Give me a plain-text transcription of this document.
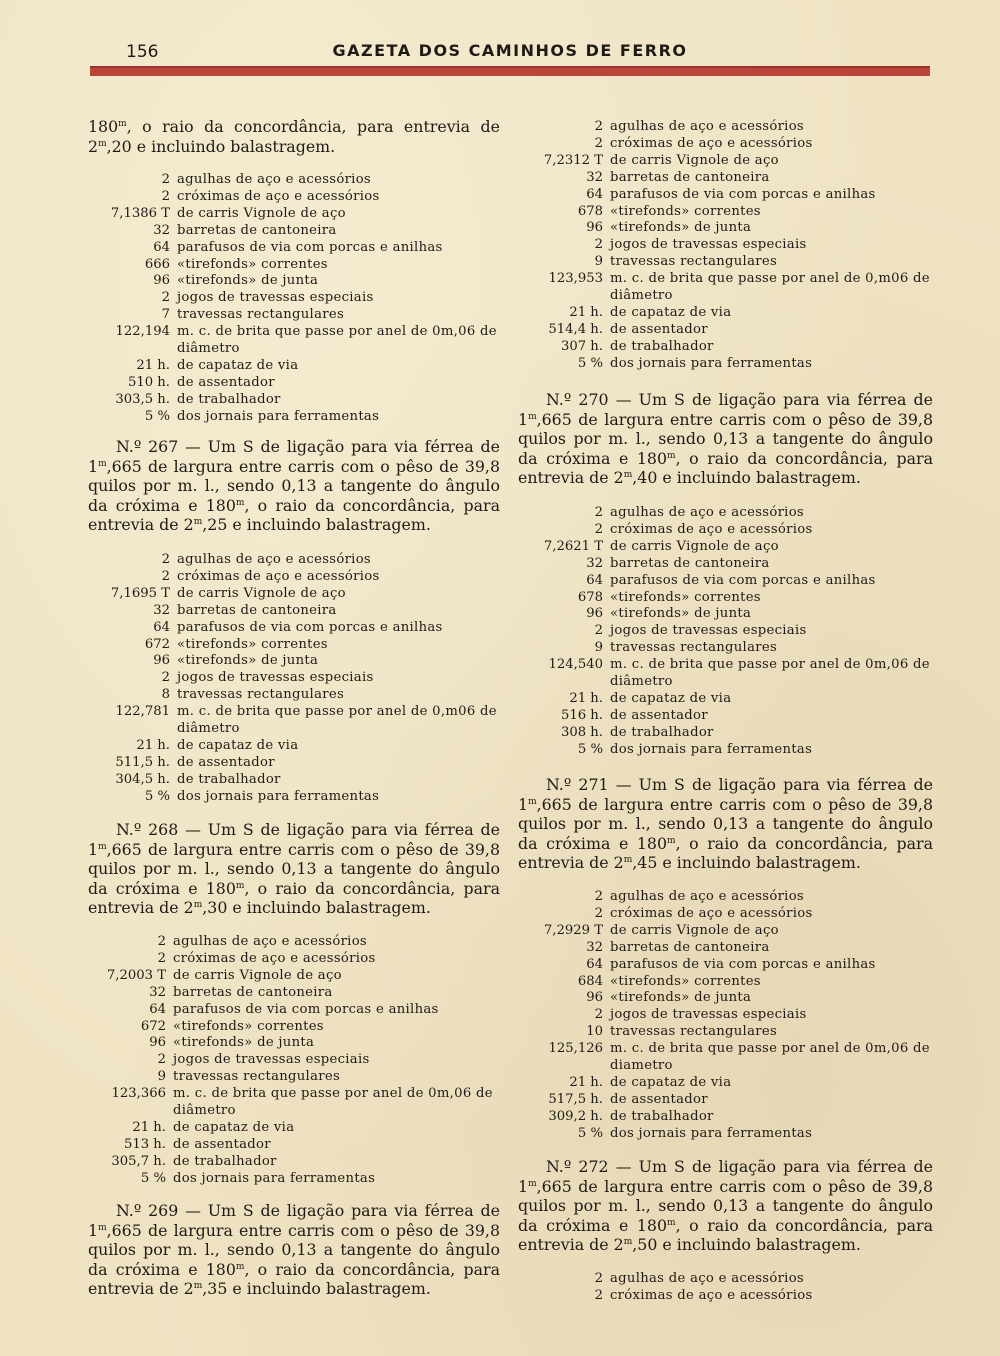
156	GAZETA DOS CAMINHOS DE FERRO

180$^m$, o raio da concordância, para entrevia de 2$^m$,20 e incluindo balastragem.

2 agulhas de aço e acessórios
2 cróximas de aço e acessórios
7,1386 T de carris Vignole de aço
32 barretas de cantoneira
64 parafusos de via com porcas e anilhas
666 «tirefonds» correntes
96 «tirefonds» de junta
2 jogos de travessas especiais
7 travessas rectangulares
122,194 m. c. de brita que passe por anel de 0m,06 de diâmetro
21 h. de capataz de via
510 h. de assentador
303,5 h. de trabalhador
5 % dos jornais para ferramentas

N.º 267 — Um S de ligação para via férrea de 1$^m$,665 de largura entre carris com o pêso de 39,8 quilos por m. l., sendo 0,13 a tangente do ângulo da cróxima e 180$^m$, o raio da concordância, para entrevia de 2$^m$,25 e incluindo balastragem.

2 agulhas de aço e acessórios
2 cróximas de aço e acessórios
7,1695 T de carris Vignole de aço
32 barretas de cantoneira
64 parafusos de via com porcas e anilhas
672 «tirefonds» correntes
96 «tirefonds» de junta
2 jogos de travessas especiais
8 travessas rectangulares
122,781 m. c. de brita que passe por anel de 0,m06 de diâmetro
21 h. de capataz de via
511,5 h. de assentador
304,5 h. de trabalhador
5 % dos jornais para ferramentas

N.º 268 — Um S de ligação para via férrea de 1$^m$,665 de largura entre carris com o pêso de 39,8 quilos por m. l., sendo 0,13 a tangente do ângulo da cróxima e 180$^m$, o raio da concordância, para entrevia de 2$^m$,30 e incluindo balastragem.

2 agulhas de aço e acessórios
2 cróximas de aço e acessórios
7,2003 T de carris Vignole de aço
32 barretas de cantoneira
64 parafusos de via com porcas e anilhas
672 «tirefonds» correntes
96 «tirefonds» de junta
2 jogos de travessas especiais
9 travessas rectangulares
123,366 m. c. de brita que passe por anel de 0m,06 de diâmetro
21 h. de capataz de via
513 h. de assentador
305,7 h. de trabalhador
5 % dos jornais para ferramentas

N.º 269 — Um S de ligação para via férrea de 1$^m$,665 de largura entre carris com o pêso de 39,8 quilos por m. l., sendo 0,13 a tangente do ângulo da cróxima e 180$^m$, o raio da concordância, para entrevia de 2$^m$,35 e incluindo balastragem.

2 agulhas de aço e acessórios
2 cróximas de aço e acessórios
7,2312 T de carris Vignole de aço
32 barretas de cantoneira
64 parafusos de via com porcas e anilhas
678 «tirefonds» correntes
96 «tirefonds» de junta
2 jogos de travessas especiais
9 travessas rectangulares
123,953 m. c. de brita que passe por anel de 0,m06 de diâmetro
21 h. de capataz de via
514,4 h. de assentador
307 h. de trabalhador
5 % dos jornais para ferramentas

N.º 270 — Um S de ligação para via férrea de 1$^m$,665 de largura entre carris com o pêso de 39,8 quilos por m. l., sendo 0,13 a tangente do ângulo da cróxima e 180$^m$, o raio da concordância, para entrevia de 2$^m$,40 e incluindo balastragem.

2 agulhas de aço e acessórios
2 cróximas de aço e acessórios
7,2621 T de carris Vignole de aço
32 barretas de cantoneira
64 parafusos de via com porcas e anilhas
678 «tirefonds» correntes
96 «tirefonds» de junta
2 jogos de travessas especiais
9 travessas rectangulares
124,540 m. c. de brita que passe por anel de 0m,06 de diâmetro
21 h. de capataz de via
516 h. de assentador
308 h. de trabalhador
5 % dos jornais para ferramentas

N.º 271 — Um S de ligação para via férrea de 1$^m$,665 de largura entre carris com o pêso de 39,8 quilos por m. l., sendo 0,13 a tangente do ângulo da cróxima e 180$^m$, o raio da concordância, para entrevia de 2$^m$,45 e incluindo balastragem.

2 agulhas de aço e acessórios
2 cróximas de aço e acessórios
7,2929 T de carris Vignole de aço
32 barretas de cantoneira
64 parafusos de via com porcas e anilhas
684 «tirefonds» correntes
96 «tirefonds» de junta
2 jogos de travessas especiais
10 travessas rectangulares
125,126 m. c. de brita que passe por anel de 0m,06 de diametro
21 h. de capataz de via
517,5 h. de assentador
309,2 h. de trabalhador
5 % dos jornais para ferramentas

N.º 272 — Um S de ligação para via férrea de 1$^m$,665 de largura entre carris com o pêso de 39,8 quilos por m. l., sendo 0,13 a tangente do ângulo da cróxima e 180$^m$, o raio da concordância, para entrevia de 2$^m$,50 e incluindo balastragem.

2 agulhas de aço e acessórios
2 cróximas de aço e acessórios
